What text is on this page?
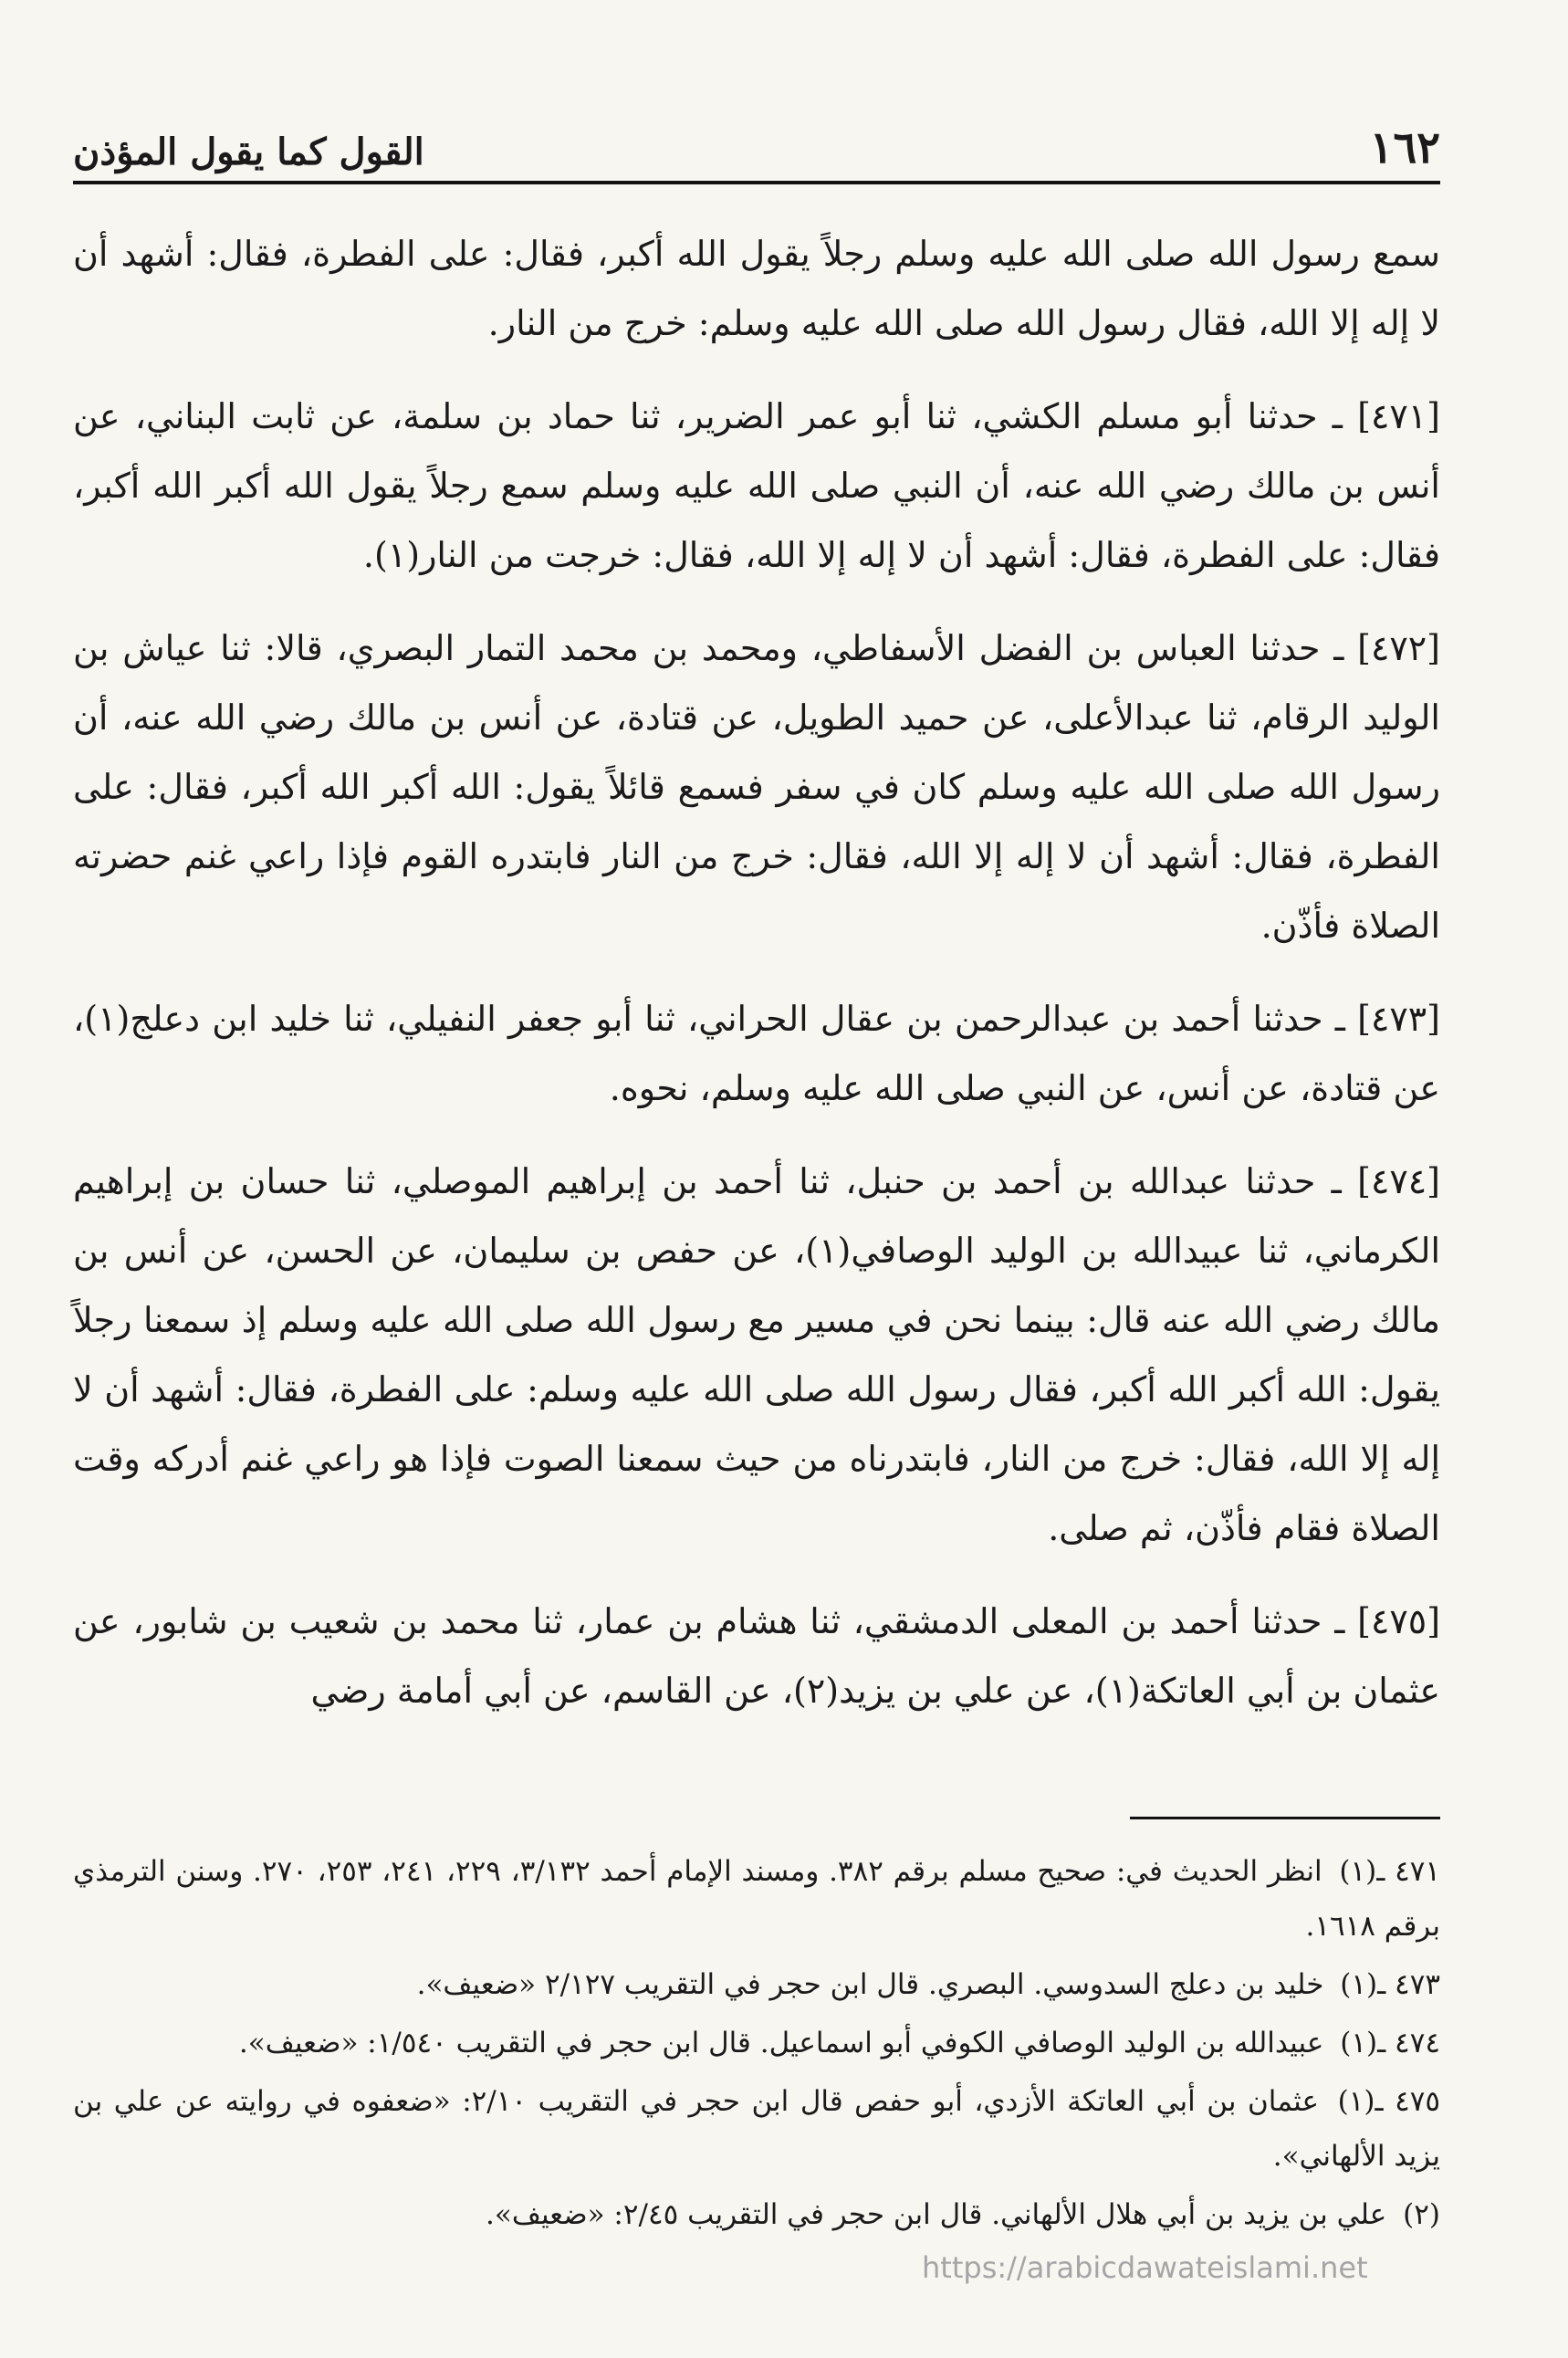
١٦٢
القول كما يقول المؤذن

سمع رسول الله صلى الله عليه وسلم رجلاً يقول الله أكبر، فقال: على الفطرة، فقال: أشهد أن لا إله إلا الله، فقال رسول الله صلى الله عليه وسلم: خرج من النار.

[٤٧١] ـ حدثنا أبو مسلم الكشي، ثنا أبو عمر الضرير، ثنا حماد بن سلمة، عن ثابت البناني، عن أنس بن مالك رضي الله عنه، أن النبي صلى الله عليه وسلم سمع رجلاً يقول الله أكبر الله أكبر، فقال: على الفطرة، فقال: أشهد أن لا إله إلا الله، فقال: خرجت من النار(١).

[٤٧٢] ـ حدثنا العباس بن الفضل الأسفاطي، ومحمد بن محمد التمار البصري، قالا: ثنا عياش بن الوليد الرقام، ثنا عبدالأعلى، عن حميد الطويل، عن قتادة، عن أنس بن مالك رضي الله عنه، أن رسول الله صلى الله عليه وسلم كان في سفر فسمع قائلاً يقول: الله أكبر الله أكبر، فقال: على الفطرة، فقال: أشهد أن لا إله إلا الله، فقال: خرج من النار فابتدره القوم فإذا راعي غنم حضرته الصلاة فأذّن.

[٤٧٣] ـ حدثنا أحمد بن عبدالرحمن بن عقال الحراني، ثنا أبو جعفر النفيلي، ثنا خليد ابن دعلج(١)، عن قتادة، عن أنس، عن النبي صلى الله عليه وسلم، نحوه.

[٤٧٤] ـ حدثنا عبدالله بن أحمد بن حنبل، ثنا أحمد بن إبراهيم الموصلي، ثنا حسان بن إبراهيم الكرماني، ثنا عبيدالله بن الوليد الوصافي(١)، عن حفص بن سليمان، عن الحسن، عن أنس بن مالك رضي الله عنه قال: بينما نحن في مسير مع رسول الله صلى الله عليه وسلم إذ سمعنا رجلاً يقول: الله أكبر الله أكبر، فقال رسول الله صلى الله عليه وسلم: على الفطرة، فقال: أشهد أن لا إله إلا الله، فقال: خرج من النار، فابتدرناه من حيث سمعنا الصوت فإذا هو راعي غنم أدركه وقت الصلاة فقام فأذّن، ثم صلى.

[٤٧٥] ـ حدثنا أحمد بن المعلى الدمشقي، ثنا هشام بن عمار، ثنا محمد بن شعيب بن شابور، عن عثمان بن أبي العاتكة(١)، عن علي بن يزيد(٢)، عن القاسم، عن أبي أمامة رضي

٤٧١ ـ(١) انظر الحديث في: صحيح مسلم برقم ٣٨٢. ومسند الإمام أحمد ٣/١٣٢، ٢٢٩، ٢٤١، ٢٥٣، ٢٧٠. وسنن الترمذي برقم ١٦١٨.

٤٧٣ ـ(١) خليد بن دعلج السدوسي. البصري. قال ابن حجر في التقريب ٢/١٢٧ «ضعيف».

٤٧٤ ـ(١) عبيدالله بن الوليد الوصافي الكوفي أبو اسماعيل. قال ابن حجر في التقريب ١/٥٤٠: «ضعيف».

٤٧٥ ـ(١) عثمان بن أبي العاتكة الأزدي، أبو حفص قال ابن حجر في التقريب ٢/١٠: «ضعفوه في روايته عن علي بن يزيد الألهاني».

(٢) علي بن يزيد بن أبي هلال الألهاني. قال ابن حجر في التقريب ٢/٤٥: «ضعيف».

https://arabicdawateislami.net
